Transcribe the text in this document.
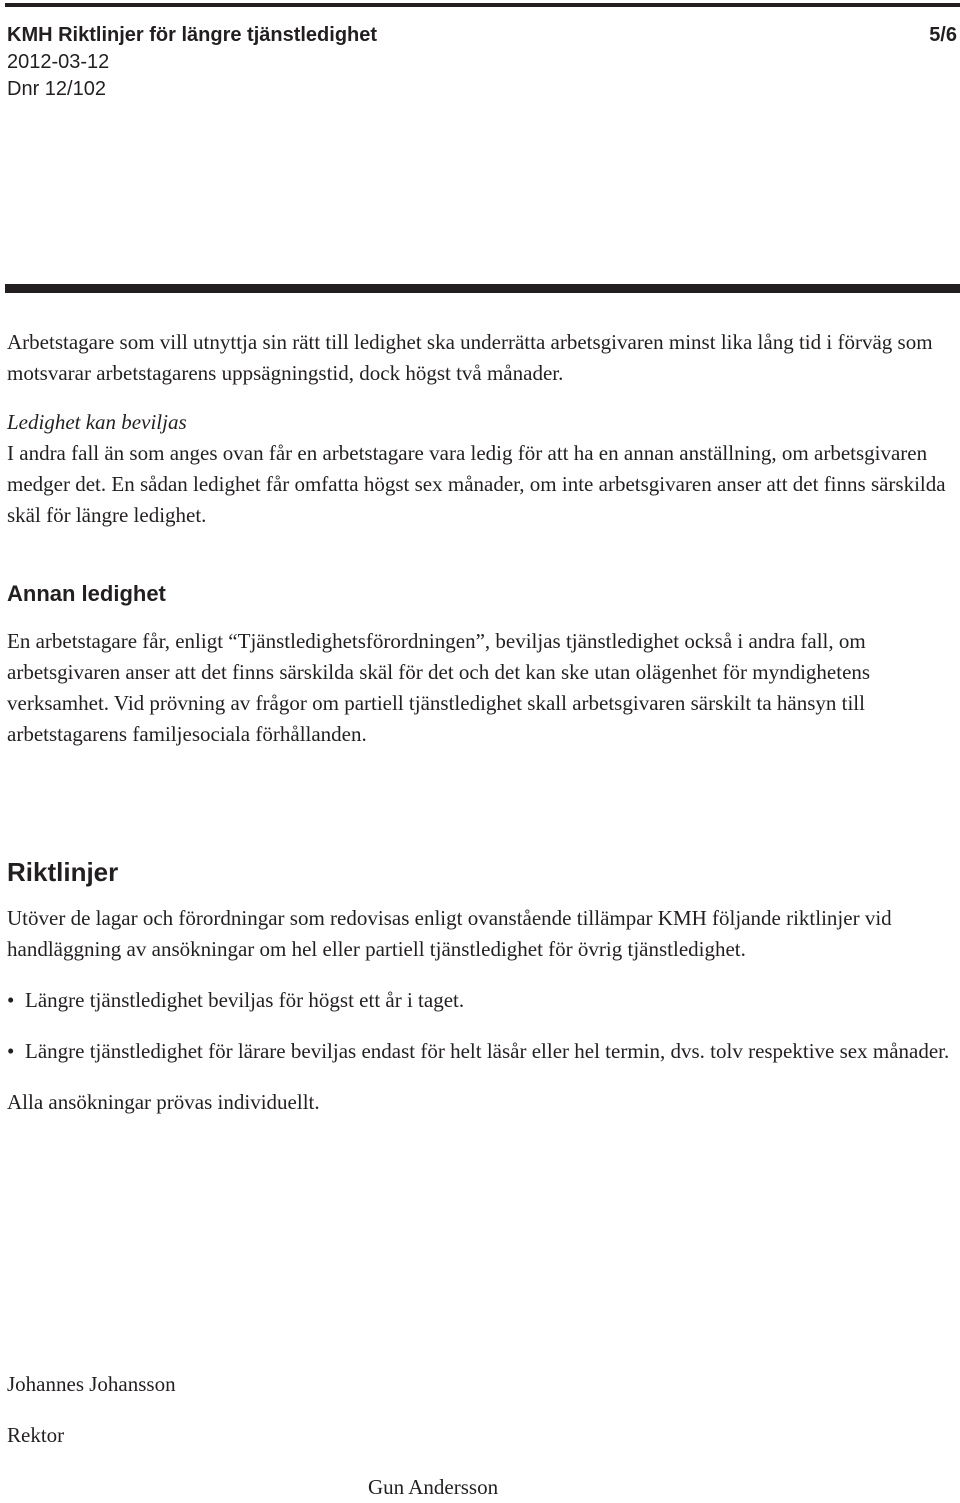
KMH Riktlinjer för längre tjänstledighet	5/6
2012-03-12
Dnr 12/102

Arbetstagare som vill utnyttja sin rätt till ledighet ska underrätta arbetsgivaren minst lika lång tid i förväg som motsvarar arbetstagarens uppsägningstid, dock högst två månader.

Ledighet kan beviljas

I andra fall än som anges ovan får en arbetstagare vara ledig för att ha en annan anställning, om arbetsgivaren medger det. En sådan ledighet får omfatta högst sex månader, om inte arbetsgivaren anser att det finns särskilda skäl för längre ledighet.

Annan ledighet

En arbetstagare får, enligt “Tjänstledighetsförordningen”, beviljas tjänstledighet också i andra fall, om arbetsgivaren anser att det finns särskilda skäl för det och det kan ske utan olägenhet för myndighetens verksamhet. Vid prövning av frågor om partiell tjänstledighet skall arbetsgivaren särskilt ta hänsyn till arbetstagarens familjesociala förhållanden.

Riktlinjer

Utöver de lagar och förordningar som redovisas enligt ovanstående tillämpar KMH följande riktlinjer vid handläggning av ansökningar om hel eller partiell tjänstledighet för övrig tjänstledighet.

• Längre tjänstledighet beviljas för högst ett år i taget.
• Längre tjänstledighet för lärare beviljas endast för helt läsår eller hel termin, dvs. tolv respektive sex månader.

Alla ansökningar prövas individuellt.

Johannes Johansson

Rektor

Gun Andersson
